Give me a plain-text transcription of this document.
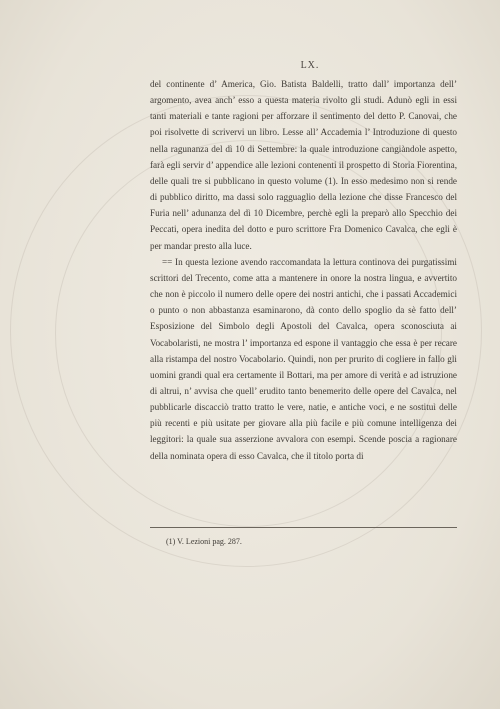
LX.

del continente d’ America, Gio. Batista Baldelli, tratto dall’ importanza dell’ argomento, avea anch’ esso a questa materia rivolto gli studi. Adunò egli in essi tanti materiali e tante ragioni per afforzare il sentimento del detto P. Canovai, che poi risolvette di scrivervi un libro. Lesse all’ Accademia l’ Introduzione di questo nella ragunanza del dì 10 di Settembre: la quale introduzione cangiàndole aspetto, farà egli servir d’ appendice alle lezioni contenenti il prospetto di Storia Fiorentina, delle quali tre si pubblicano in questo volume (1). In esso medesimo non si rende di pubblico diritto, ma dassi solo ragguaglio della lezione che disse Francesco del Furia nell’ adunanza del dì 10 Dicembre, perchè egli la preparò allo Specchio dei Peccati, opera inedita del dotto e puro scrittore Fra Domenico Cavalca, che egli è per mandar presto alla luce.

== In questa lezione avendo raccomandata la lettura continova dei purgatissimi scrittori del Trecento, come atta a mantenere in onore la nostra lingua, e avvertito che non è piccolo il numero delle opere dei nostri antichi, che i passati Accademici o punto o non abbastanza esaminarono, dà conto dello spoglio da sè fatto dell’ Esposizione del Simbolo degli Apostoli del Cavalca, opera sconosciuta ai Vocabolaristi, ne mostra l’ importanza ed espone il vantaggio che essa è per recare alla ristampa del nostro Vocabolario. Quindi, non per prurito di cogliere in fallo gli uomini grandi qual era certamente il Bottari, ma per amore di verità e ad istruzione di altrui, n’ avvisa che quell’ erudito tanto benemerito delle opere del Cavalca, nel pubblicarle discacciò tratto tratto le vere, natie, e antiche voci, e ne sostituì delle più recenti e più usitate per giovare alla più facile e più comune intelligenza dei leggitori: la quale sua asserzione avvalora con esempi. Scende poscia a ragionare della nominata opera di esso Cavalca, che il titolo porta di

(1) V. Lezioni pag. 287.
